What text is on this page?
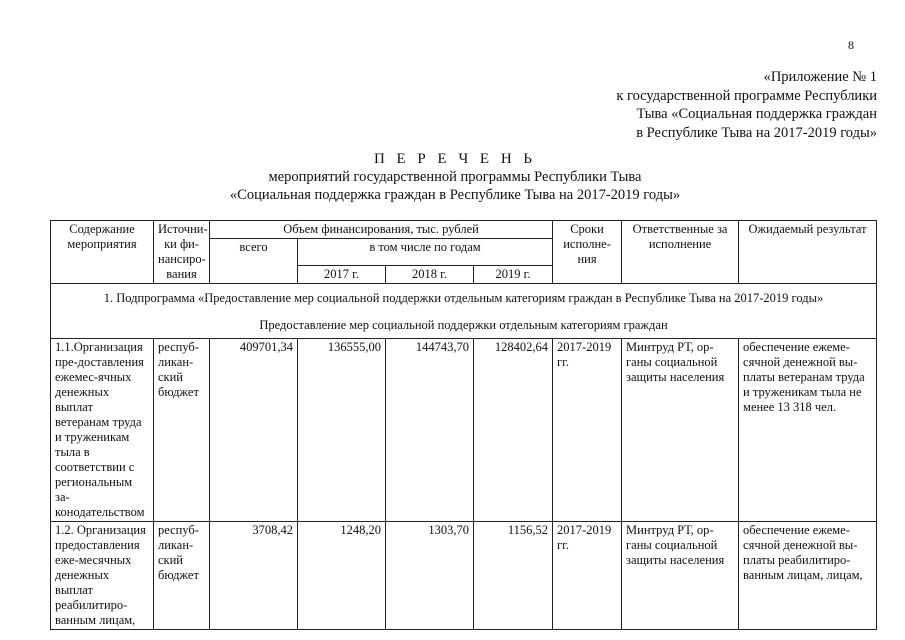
8
«Приложение № 1
к государственной программе Республики
Тыва «Социальная поддержка граждан
в Республике Тыва на 2017-2019 годы»
П Е Р Е Ч Е Н Ь
мероприятий государственной программы Республики Тыва
«Социальная поддержка граждан в Республике Тыва на 2017-2019 годы»
Содержание мероприятия	Источни-ки фи-нансиро-вания	Объем финансирования, тыс. рублей				Сроки исполне-ния	Ответственные за исполнение	Ожидаемый результат
		всего	в том числе по годам					
			2017 г.	2018 г.	2019 г.			

1. Подпрограмма «Предоставление мер социальной поддержки отдельным категориям граждан в Республике Тыва на 2017-2019 годы»
Предоставление мер социальной поддержки отдельным категориям граждан								

1.1.Организация пре-доставления ежемес-ячных денежных выплат ветеранам труда и труженикам тыла в соответствии с региональным за-конодательством	респуб-ликан-ский бюджет	409701,34	136555,00	144743,70	128402,64	2017-2019 гг.	Минтруд РТ, ор-ганы социальной защиты населения	обеспечение ежеме-сячной денежной вы-платы ветеранам труда и труженикам тыла не менее 13 318 чел.
1.2. Организация предоставления еже-месячных денежных выплат реабилитиро-ванным лицам,	респуб-ликан-ский бюджет	3708,42	1248,20	1303,70	1156,52	2017-2019 гг.	Минтруд РТ, ор-ганы социальной защиты населения	обеспечение ежеме-сячной денежной вы-платы реабилитиро-ванным лицам, лицам,
